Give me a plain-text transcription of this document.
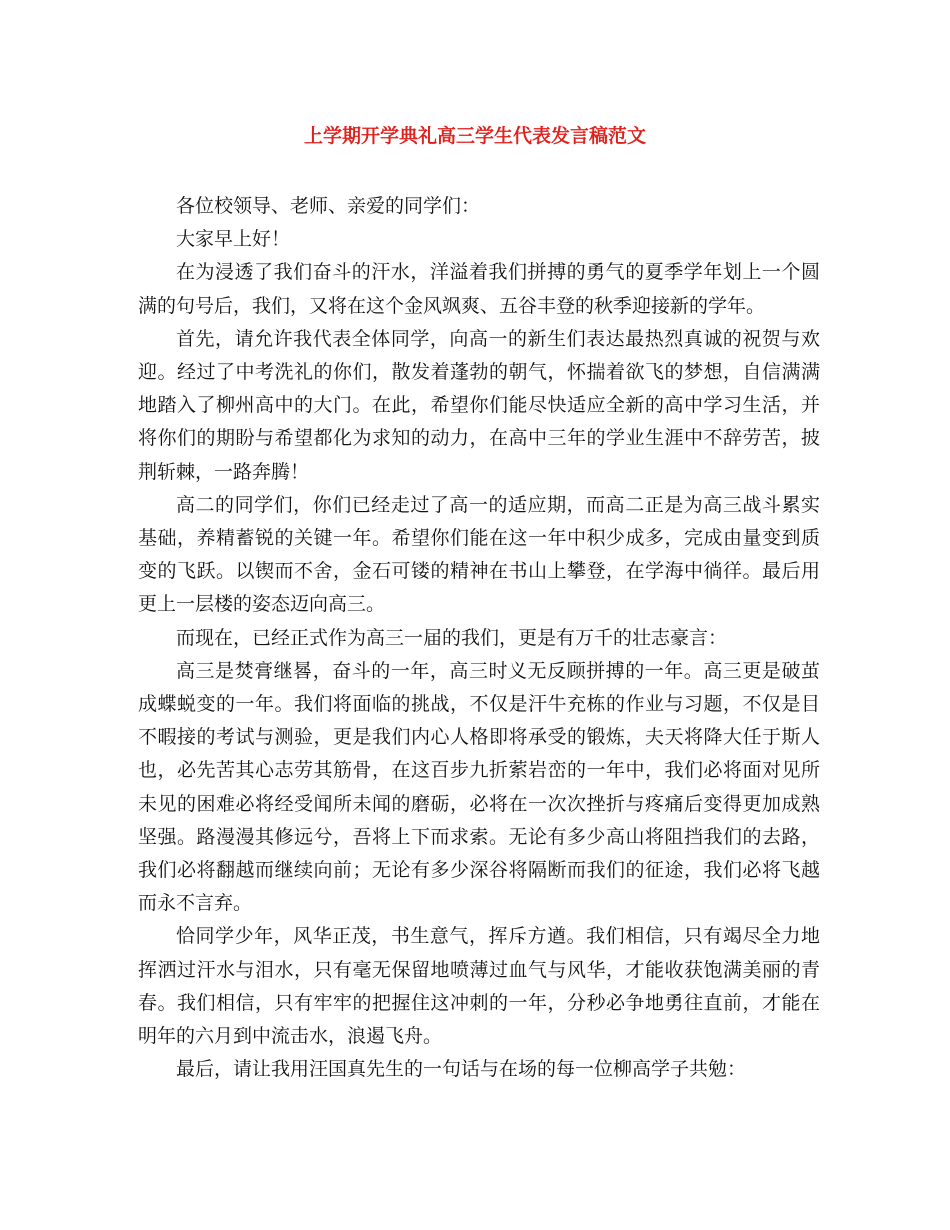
上学期开学典礼高三学生代表发言稿范文

各位校领导、老师、亲爱的同学们：

大家早上好！

在为浸透了我们奋斗的汗水，洋溢着我们拼搏的勇气的夏季学年划上一个圆满的句号后，我们，又将在这个金风飒爽、五谷丰登的秋季迎接新的学年。

首先，请允许我代表全体同学，向高一的新生们表达最热烈真诚的祝贺与欢迎。经过了中考洗礼的你们，散发着蓬勃的朝气，怀揣着欲飞的梦想，自信满满地踏入了柳州高中的大门。在此，希望你们能尽快适应全新的高中学习生活，并将你们的期盼与希望都化为求知的动力，在高中三年的学业生涯中不辞劳苦，披荆斩棘，一路奔腾！

高二的同学们，你们已经走过了高一的适应期，而高二正是为高三战斗累实基础，养精蓄锐的关键一年。希望你们能在这一年中积少成多，完成由量变到质变的飞跃。以锲而不舍，金石可镂的精神在书山上攀登，在学海中徜徉。最后用更上一层楼的姿态迈向高三。

而现在，已经正式作为高三一届的我们，更是有万千的壮志豪言：

高三是焚膏继晷，奋斗的一年，高三时义无反顾拼搏的一年。高三更是破茧成蝶蜕变的一年。我们将面临的挑战，不仅是汗牛充栋的作业与习题，不仅是目不暇接的考试与测验，更是我们内心人格即将承受的锻炼，夫天将降大任于斯人也，必先苦其心志劳其筋骨，在这百步九折萦岩峦的一年中，我们必将面对见所未见的困难必将经受闻所未闻的磨砺，必将在一次次挫折与疼痛后变得更加成熟坚强。路漫漫其修远兮，吾将上下而求索。无论有多少高山将阻挡我们的去路，我们必将翻越而继续向前；无论有多少深谷将隔断而我们的征途，我们必将飞越而永不言弃。

恰同学少年，风华正茂，书生意气，挥斥方遒。我们相信，只有竭尽全力地挥洒过汗水与泪水，只有毫无保留地喷薄过血气与风华，才能收获饱满美丽的青春。我们相信，只有牢牢的把握住这冲刺的一年，分秒必争地勇往直前，才能在明年的六月到中流击水，浪遏飞舟。

最后，请让我用汪国真先生的一句话与在场的每一位柳高学子共勉：
